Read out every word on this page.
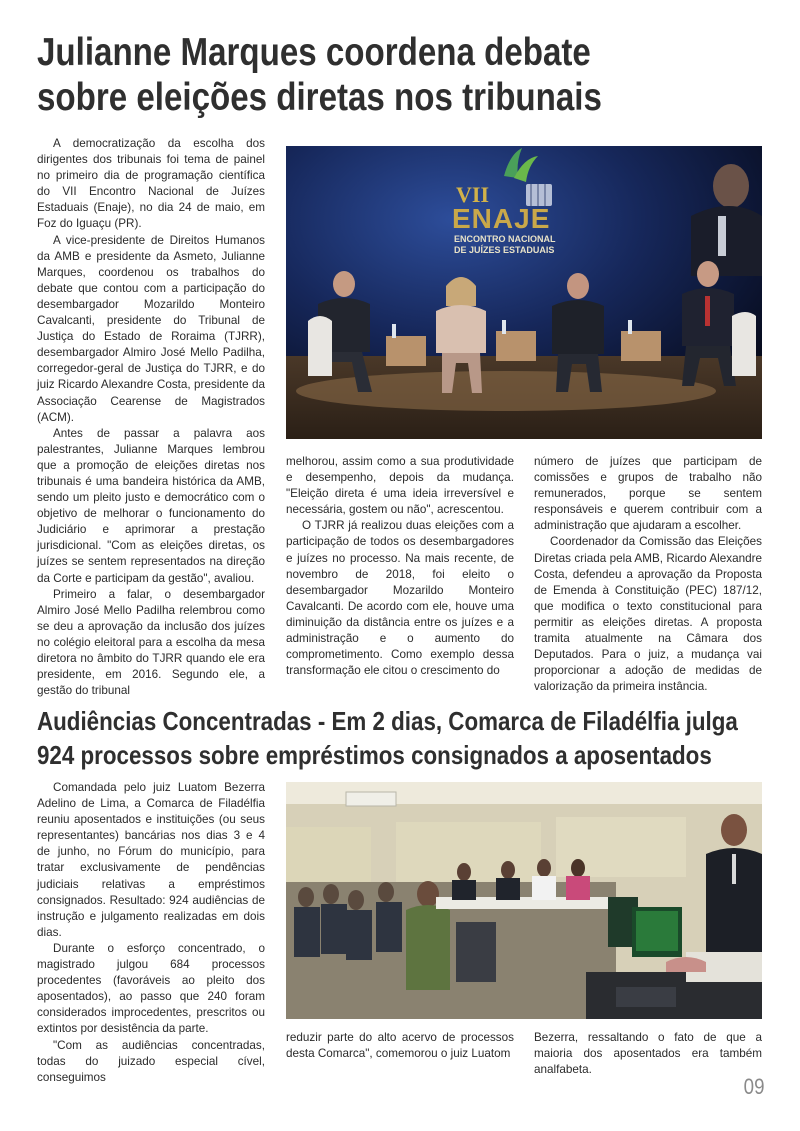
Julianne Marques coordena debate
sobre eleições diretas nos tribunais

A democratização da escolha dos dirigentes dos tribunais foi tema de painel no primeiro dia de programação científica do VII Encontro Nacional de Juízes Estaduais (Enaje), no dia 24 de maio, em Foz do Iguaçu (PR).

A vice-presidente de Direitos Humanos da AMB e presidente da Asmeto, Julianne Marques, coordenou os trabalhos do debate que contou com a participação do desembargador Mozarildo Monteiro Cavalcanti, presidente do Tribunal de Justiça do Estado de Roraima (TJRR), desembargador Almiro José Mello Padilha, corregedor-geral de Justiça do TJRR, e do juiz Ricardo Alexandre Costa, presidente da Associação Cearense de Magistrados (ACM).

Antes de passar a palavra aos palestrantes, Julianne Marques lembrou que a promoção de eleições diretas nos tribunais é uma bandeira histórica da AMB, sendo um pleito justo e democrático com o objetivo de melhorar o funcionamento do Judiciário e aprimorar a prestação jurisdicional. "Com as eleições diretas, os juízes se sentem representados na direção da Corte e participam da gestão", avaliou.

Primeiro a falar, o desembargador Almiro José Mello Padilha relembrou como se deu a aprovação da inclusão dos juízes no colégio eleitoral para a escolha da mesa diretora no âmbito do TJRR quando ele era presidente, em 2016. Segundo ele, a gestão do tribunal

VII
ENAJE
ENCONTRO NACIONAL
DE JUÍZES ESTADUAIS

melhorou, assim como a sua produtividade e desempenho, depois da mudança. "Eleição direta é uma ideia irreversível e necessária, gostem ou não", acrescentou.

O TJRR já realizou duas eleições com a participação de todos os desembargadores e juízes no processo. Na mais recente, de novembro de 2018, foi eleito o desembargador Mozarildo Monteiro Cavalcanti. De acordo com ele, houve uma diminuição da distância entre os juízes e a administração e o aumento do comprometimento. Como exemplo dessa transformação ele citou o crescimento do

número de juízes que participam de comissões e grupos de trabalho não remunerados, porque se sentem responsáveis e querem contribuir com a administração que ajudaram a escolher.

Coordenador da Comissão das Eleições Diretas criada pela AMB, Ricardo Alexandre Costa, defendeu a aprovação da Proposta de Emenda à Constituição (PEC) 187/12, que modifica o texto constitucional para permitir as eleições diretas. A proposta tramita atualmente na Câmara dos Deputados. Para o juiz, a mudança vai proporcionar a adoção de medidas de valorização da primeira instância.

Audiências Concentradas - Em 2 dias, Comarca de Filadélfia julga
924 processos sobre empréstimos consignados a aposentados

Comandada pelo juiz Luatom Bezerra Adelino de Lima, a Comarca de Filadélfia reuniu aposentados e instituições (ou seus representantes) bancárias nos dias 3 e 4 de junho, no Fórum do município, para tratar exclusivamente de pendências judiciais relativas a empréstimos consignados. Resultado: 924 audiências de instrução e julgamento realizadas em dois dias.

Durante o esforço concentrado, o magistrado julgou 684 processos procedentes (favoráveis ao pleito dos aposentados), ao passo que 240 foram considerados improcedentes, prescritos ou extintos por desistência da parte.

"Com as audiências concentradas, todas do juizado especial cível, conseguimos

reduzir parte do alto acervo de processos desta Comarca", comemorou o juiz Luatom

Bezerra, ressaltando o fato de que a maioria dos aposentados era também analfabeta.

09
